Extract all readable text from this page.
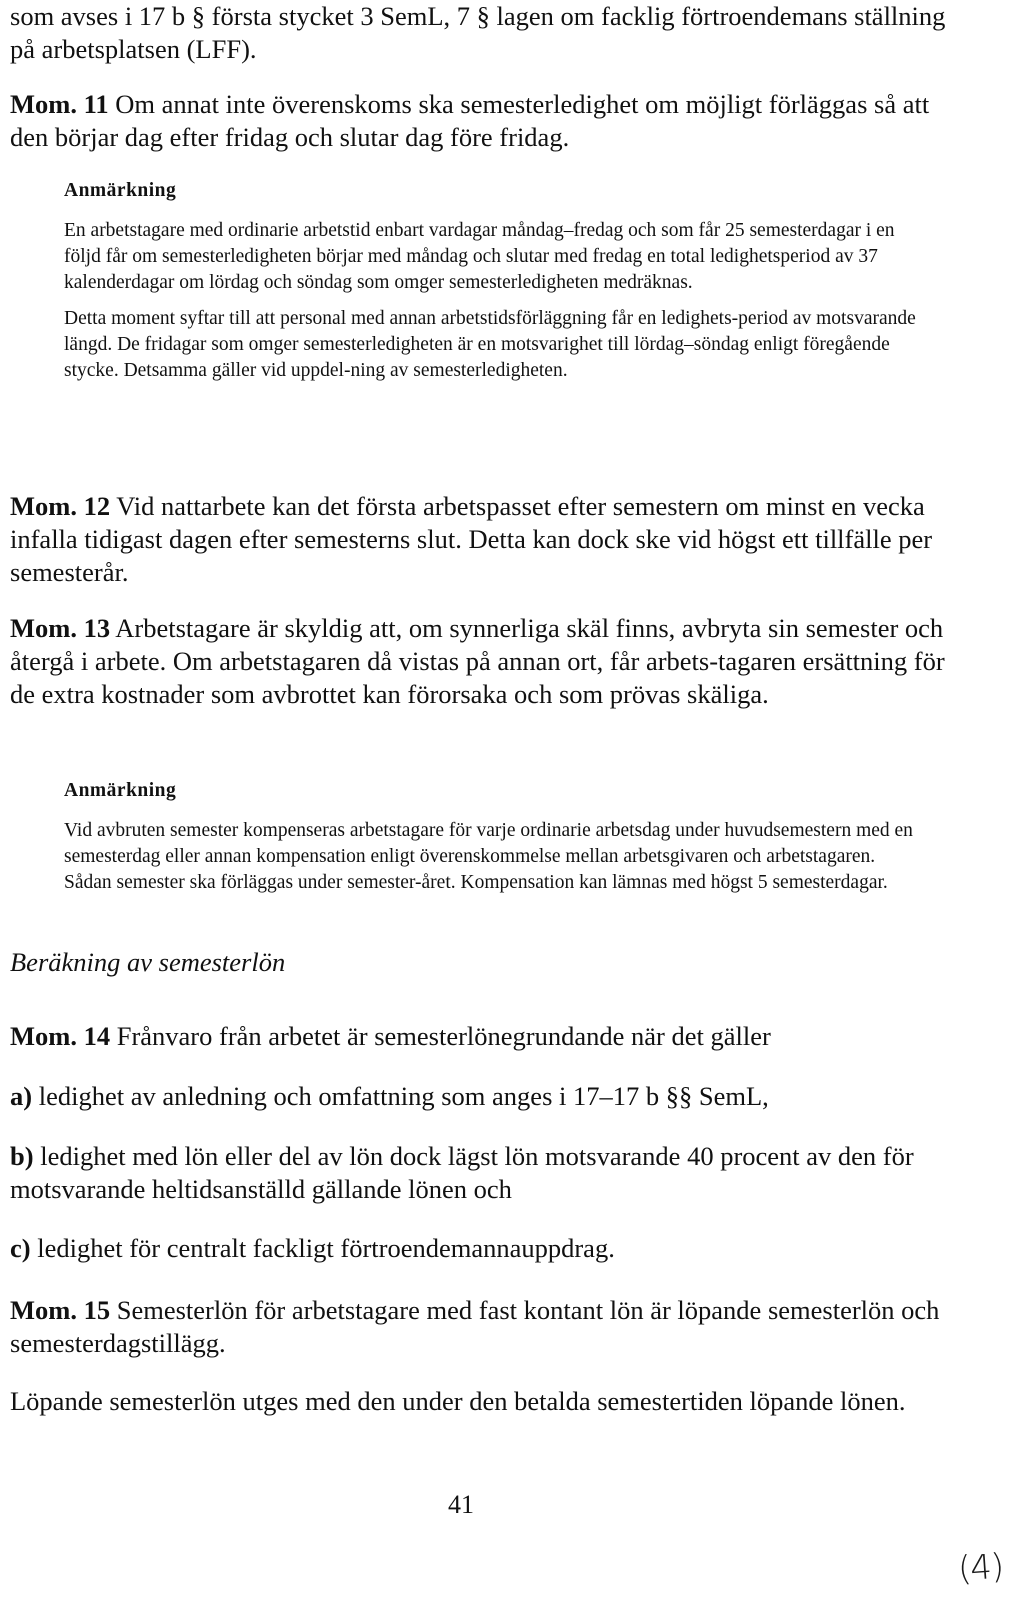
som avses i 17 b § första stycket 3 SemL, 7 § lagen om facklig förtroendemans ställning på arbetsplatsen (LFF).

Mom. 11 Om annat inte överenskoms ska semesterledighet om möjligt förläggas så att den börjar dag efter fridag och slutar dag före fridag.

Anmärkning

En arbetstagare med ordinarie arbetstid enbart vardagar måndag–fredag och som får 25 semesterdagar i en följd får om semesterledigheten börjar med måndag och slutar med fredag en total ledighetsperiod av 37 kalenderdagar om lördag och söndag som omger semesterledigheten medräknas.

Detta moment syftar till att personal med annan arbetstidsförläggning får en ledighets-period av motsvarande längd. De fridagar som omger semesterledigheten är en motsvarighet till lördag–söndag enligt föregående stycke. Detsamma gäller vid uppdel-ning av semesterledigheten.

Mom. 12 Vid nattarbete kan det första arbetspasset efter semestern om minst en vecka infalla tidigast dagen efter semesterns slut. Detta kan dock ske vid högst ett tillfälle per semesterår.

Mom. 13 Arbetstagare är skyldig att, om synnerliga skäl finns, avbryta sin semester och återgå i arbete. Om arbetstagaren då vistas på annan ort, får arbets-tagaren ersättning för de extra kostnader som avbrottet kan förorsaka och som prövas skäliga.

Anmärkning

Vid avbruten semester kompenseras arbetstagare för varje ordinarie arbetsdag under huvudsemestern med en semesterdag eller annan kompensation enligt överenskommelse mellan arbetsgivaren och arbetstagaren. Sådan semester ska förläggas under semester-året. Kompensation kan lämnas med högst 5 semesterdagar.

Beräkning av semesterlön

Mom. 14 Frånvaro från arbetet är semesterlönegrundande när det gäller

a) ledighet av anledning och omfattning som anges i 17–17 b §§ SemL,

b) ledighet med lön eller del av lön dock lägst lön motsvarande 40 procent av den för motsvarande heltidsanställd gällande lönen och

c) ledighet för centralt fackligt förtroendemannauppdrag.

Mom. 15 Semesterlön för arbetstagare med fast kontant lön är löpande semesterlön och semesterdagstillägg.

Löpande semesterlön utges med den under den betalda semestertiden löpande lönen.

41
(4)
